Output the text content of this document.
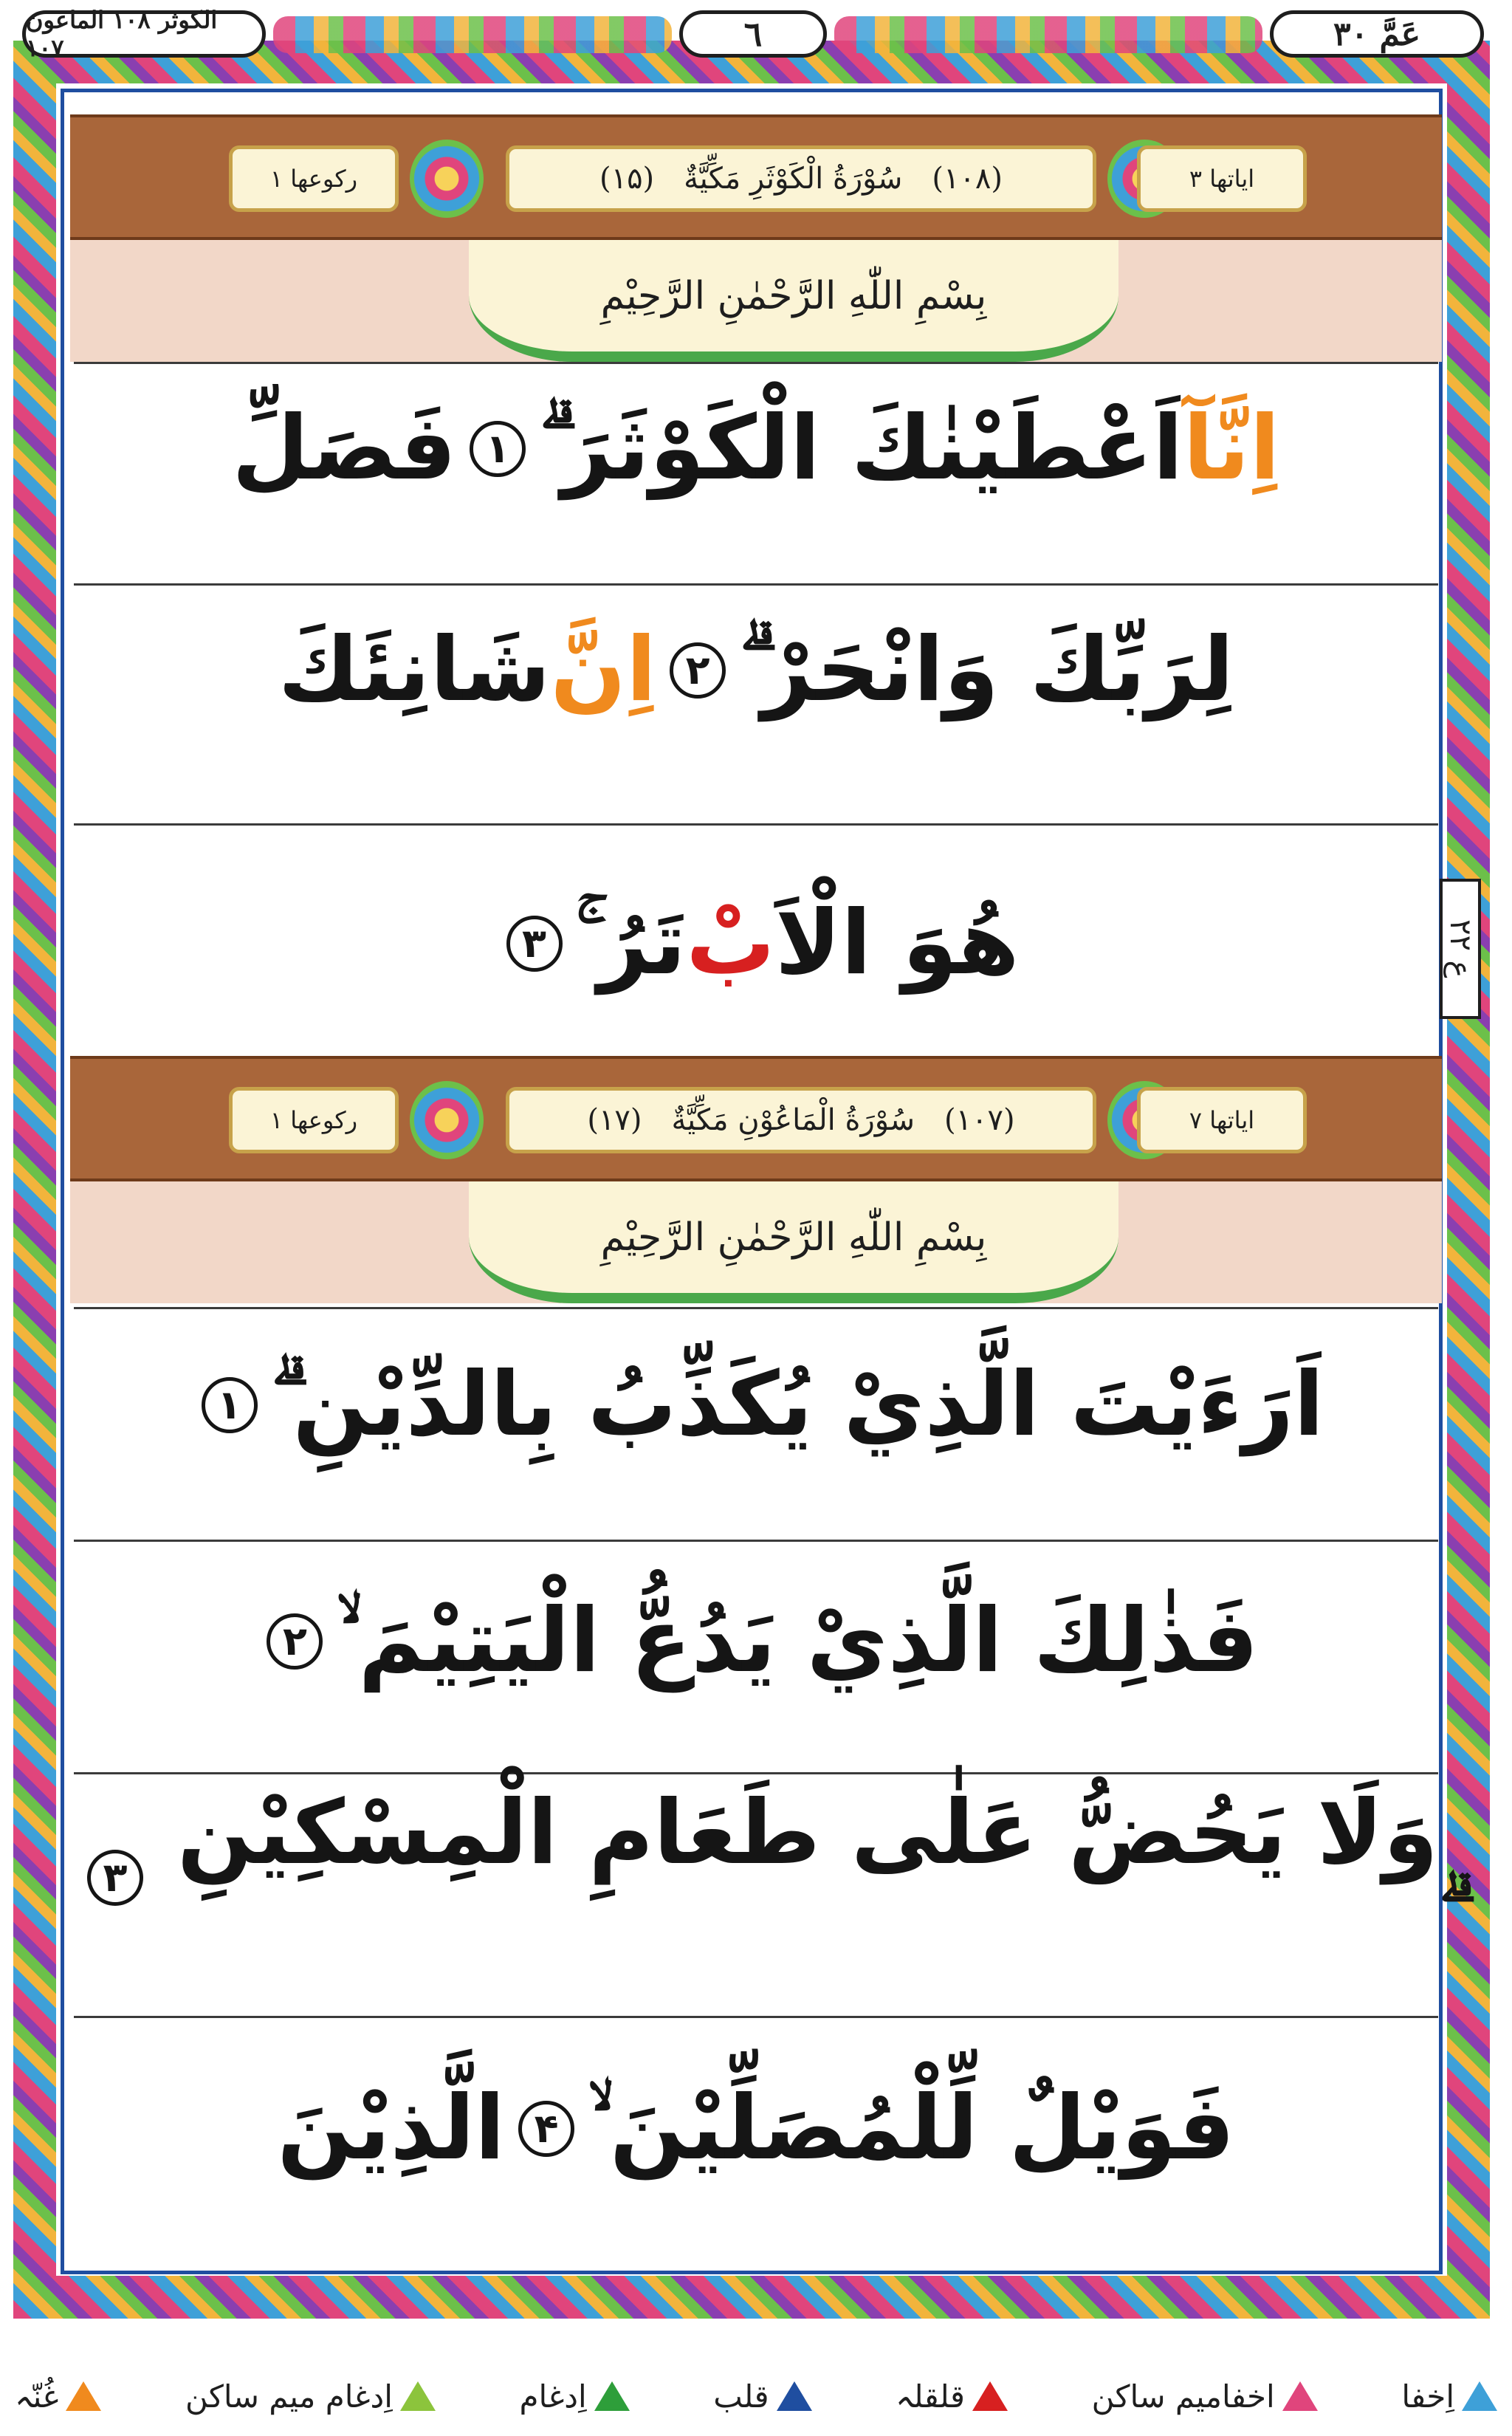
الکوثر ۱۰۸ الماعون ۱۰۷	٦	عَمَّ ۳۰
رکوعها ۱	(۱۵) سُوْرَةُ الْكَوْثَرِ مَكِّيَّةٌ (۱۰۸)	ایاتها ۳
بِسْمِ اللّٰهِ الرَّحْمٰنِ الرَّحِيْمِ
اِنَّآ
اَعْطَيْنٰكَ الْكَوْثَرَ ۗ
۱
فَصَلِّ
لِرَبِّكَ وَانْحَرْ ۗ
۲
اِنَّ
شَانِئَكَ
هُوَ الْاَ
بْ
تَرُ ۚ
۳	ع ۲۲
رکوعها ۱	(۱۷) سُوْرَةُ الْمَاعُوْنِ مَكِّيَّةٌ (۱۰۷)	ایاتها ۷
بِسْمِ اللّٰهِ الرَّحْمٰنِ الرَّحِيْمِ
اَرَءَيْتَ الَّذِيْ يُكَذِّبُ بِالدِّيْنِ ۗ
۱
فَذٰلِكَ الَّذِيْ يَدُعُّ الْيَتِيْمَ ۙ
۲
وَلَا يَحُضُّ عَلٰى طَعَامِ الْمِسْكِيْنِ
۳
فَوَيْلٌ لِّلْمُصَلِّيْنَ ۙ
۴
الَّذِيْنَ
اِخفا
اخفامیم ساکن
قلقلہ
قلب
اِدغام
اِدغام میم ساکن
غُنّہ
